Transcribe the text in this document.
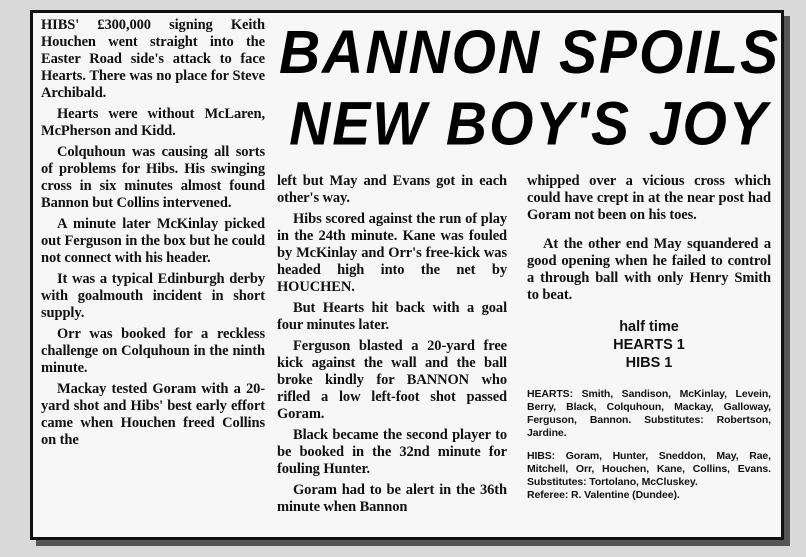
HIBS' £300,000 signing Keith Houchen went straight into the Easter Road side's attack to face Hearts. There was no place for Steve Archibald.

Hearts were without McLaren, McPherson and Kidd.

Colquhoun was causing all sorts of problems for Hibs. His swinging cross in six minutes almost found Bannon but Collins intervened.

A minute later McKinlay picked out Ferguson in the box but he could not connect with his header.

It was a typical Edinburgh derby with goalmouth incident in short supply.

Orr was booked for a reckless challenge on Colquhoun in the ninth minute.

Mackay tested Goram with a 20-yard shot and Hibs' best early effort came when Houchen freed Collins on the

BANNON SPOILS
NEW BOY'S JOY

left but May and Evans got in each other's way.

Hibs scored against the run of play in the 24th minute. Kane was fouled by McKinlay and Orr's free-kick was headed high into the net by HOUCHEN.

But Hearts hit back with a goal four minutes later.

Ferguson blasted a 20-yard free kick against the wall and the ball broke kindly for BANNON who rifled a low left-foot shot passed Goram.

Black became the second player to be booked in the 32nd minute for fouling Hunter.

Goram had to be alert in the 36th minute when Bannon

whipped over a vicious cross which could have crept in at the near post had Goram not been on his toes.

At the other end May squandered a good opening when he failed to control a through ball with only Henry Smith to beat.

half time
HEARTS 1
HIBS 1

HEARTS: Smith, Sandison, McKinlay, Levein, Berry, Black, Colquhoun, Mackay, Galloway, Ferguson, Bannon. Substitutes: Robertson, Jardine.

HIBS: Goram, Hunter, Sneddon, May, Rae, Mitchell, Orr, Houchen, Kane, Collins, Evans. Substitutes: Tortolano, McCluskey.

Referee: R. Valentine (Dundee).
